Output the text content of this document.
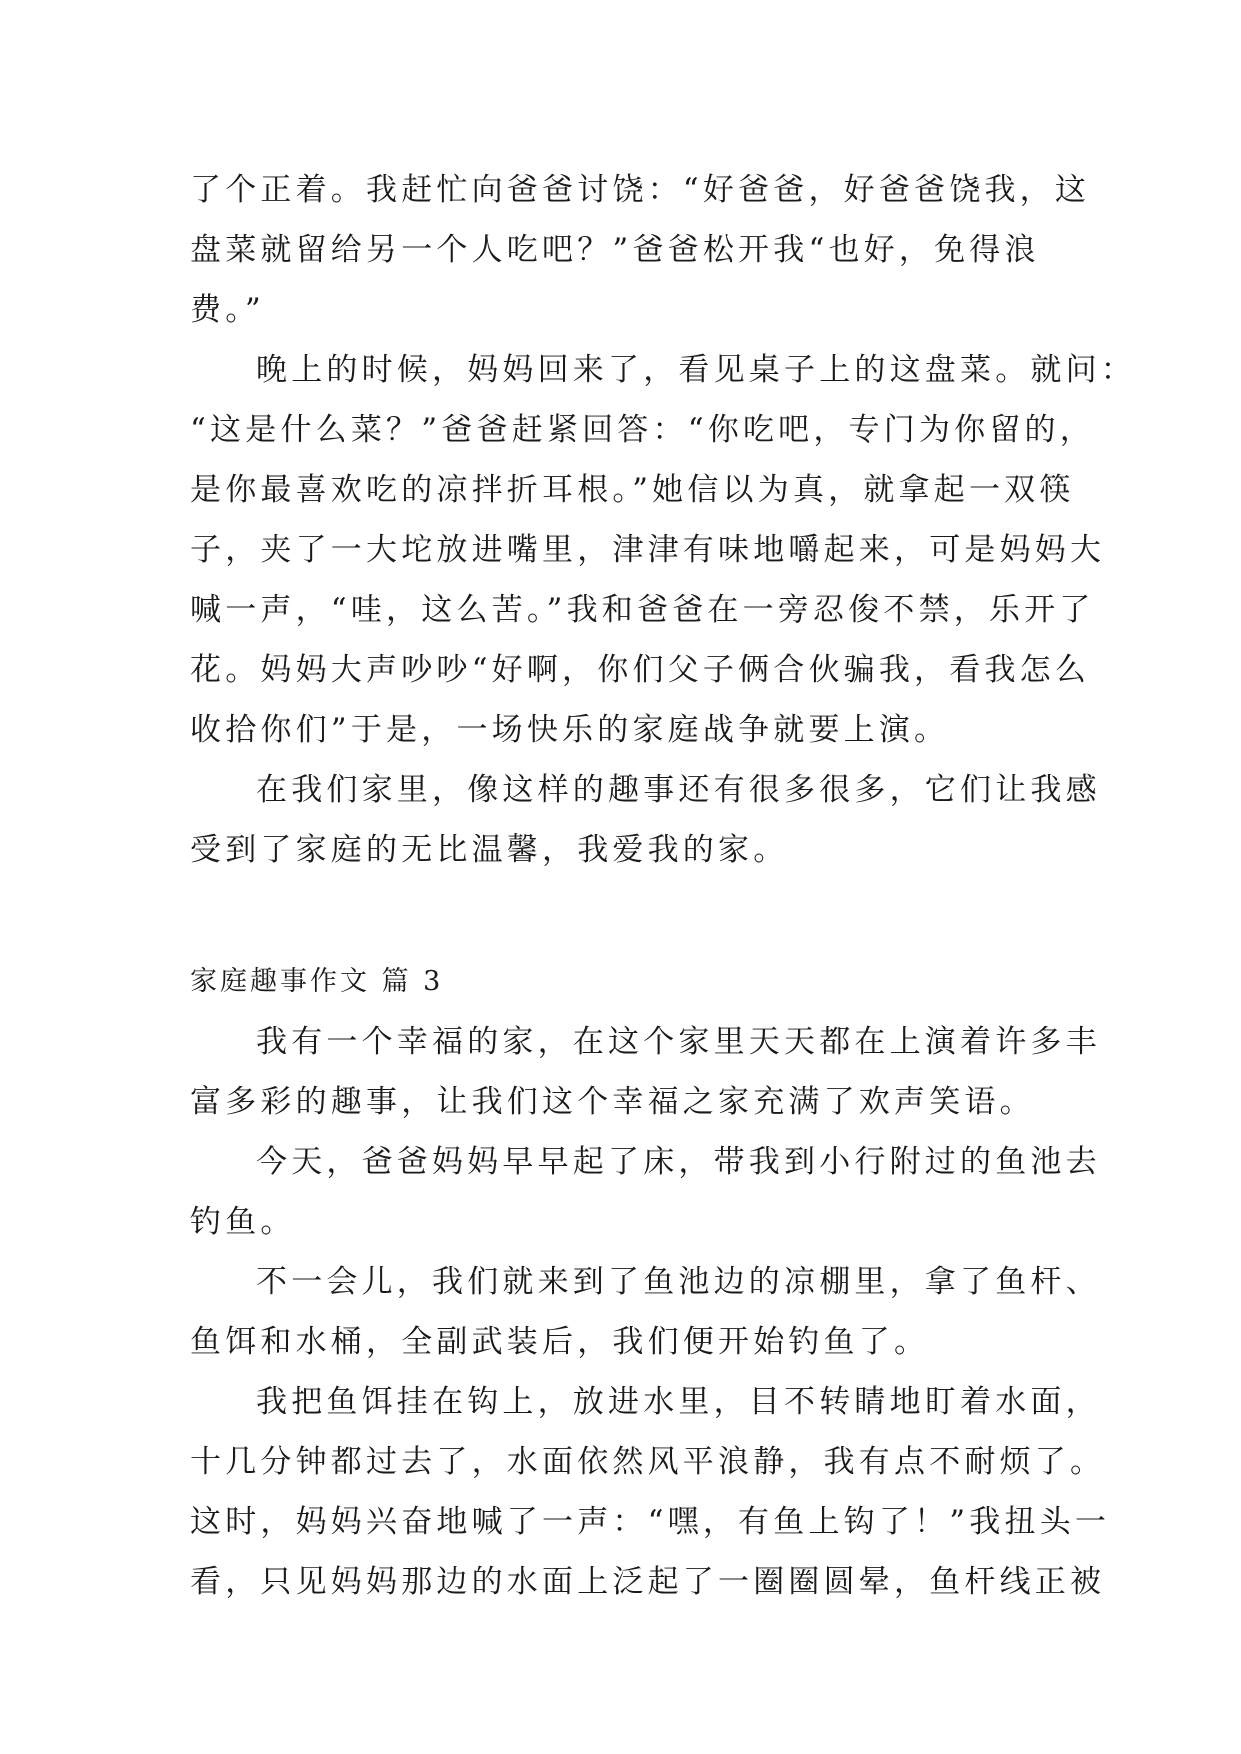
了个正着。我赶忙向爸爸讨饶：“好爸爸，好爸爸饶我，这
盘菜就留给另一个人吃吧？”爸爸松开我“也好，免得浪
费。”
晚上的时候，妈妈回来了，看见桌子上的这盘菜。就问：
“这是什么菜？”爸爸赶紧回答：“你吃吧，专门为你留的，
是你最喜欢吃的凉拌折耳根。”她信以为真，就拿起一双筷
子，夹了一大坨放进嘴里，津津有味地嚼起来，可是妈妈大
喊一声，“哇，这么苦。”我和爸爸在一旁忍俊不禁，乐开了
花。妈妈大声吵吵“好啊，你们父子俩合伙骗我，看我怎么
收拾你们”于是，一场快乐的家庭战争就要上演。
在我们家里，像这样的趣事还有很多很多，它们让我感
受到了家庭的无比温馨，我爱我的家。
家庭趣事作文 篇 3
我有一个幸福的家，在这个家里天天都在上演着许多丰
富多彩的趣事，让我们这个幸福之家充满了欢声笑语。
今天，爸爸妈妈早早起了床，带我到小行附过的鱼池去
钓鱼。
不一会儿，我们就来到了鱼池边的凉棚里，拿了鱼杆、
鱼饵和水桶，全副武装后，我们便开始钓鱼了。
我把鱼饵挂在钩上，放进水里，目不转睛地盯着水面，
十几分钟都过去了，水面依然风平浪静，我有点不耐烦了。
这时，妈妈兴奋地喊了一声：“嘿，有鱼上钩了！”我扭头一
看，只见妈妈那边的水面上泛起了一圈圈圆晕，鱼杆线正被
